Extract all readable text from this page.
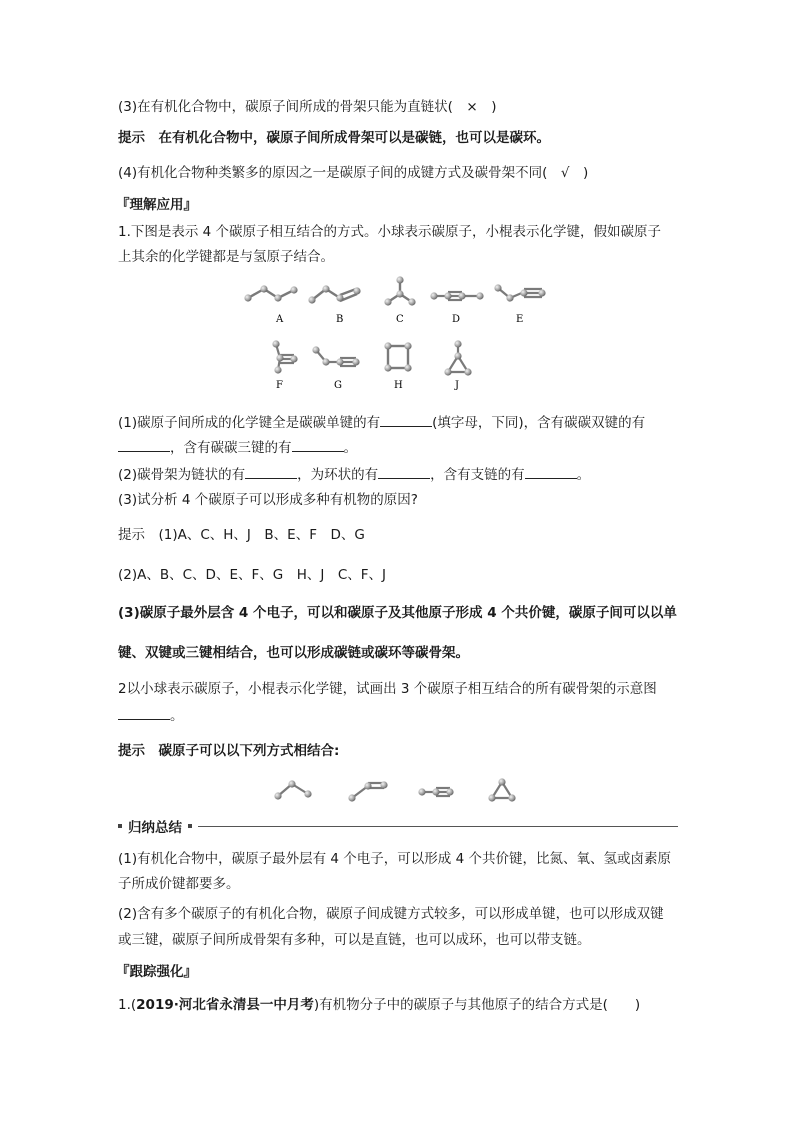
(3)在有机化合物中，碳原子间所成的骨架只能为直链状(　×　)
提示　在有机化合物中，碳原子间所成骨架可以是碳链，也可以是碳环。
(4)有机化合物种类繁多的原因之一是碳原子间的成键方式及碳骨架不同(　√　)
『 理解应用 』
1.下图是表示 4 个碳原子相互结合的方式。小球表示碳原子，小棍表示化学键，假如碳原子
上其余的化学键都是与氢原子结合。
A	B	C	D	E
F	G	H	J
(1)碳原子间所成的化学键全是碳碳单键的有	(填字母，下同)，含有碳碳双键的有
，含有碳碳三键的有	。
(2)碳骨架为链状的有	，为环状的有	，含有支链的有	。
(3)试分析 4 个碳原子可以形成多种有机物的原因?
提示　(1)A、C、H、J　B、E、F　D、G
(2)A、B、C、D、E、F、G　H、J　C、F、J
(3)碳原子最外层含 4 个电子，可以和碳原子及其他原子形成 4 个共价键，碳原子间可以以单
键、双键或三键相结合，也可以形成碳链或碳环等碳骨架。
2以小球表示碳原子，小棍表示化学键，试画出 3 个碳原子相互结合的所有碳骨架的示意图
。
提示　碳原子可以以下列方式相结合:
归纳总结
(1)有机化合物中，碳原子最外层有 4 个电子，可以形成 4 个共价键，比氮、氧、氢或卤素原
子所成价键都要多。
(2)含有多个碳原子的有机化合物，碳原子间成键方式较多，可以形成单键，也可以形成双键
或三键，碳原子间所成骨架有多种，可以是直链，也可以成环，也可以带支链。
『 跟踪强化 』
1.(2019·河北省永清县一中月考)有机物分子中的碳原子与其他原子的结合方式是(　　)
